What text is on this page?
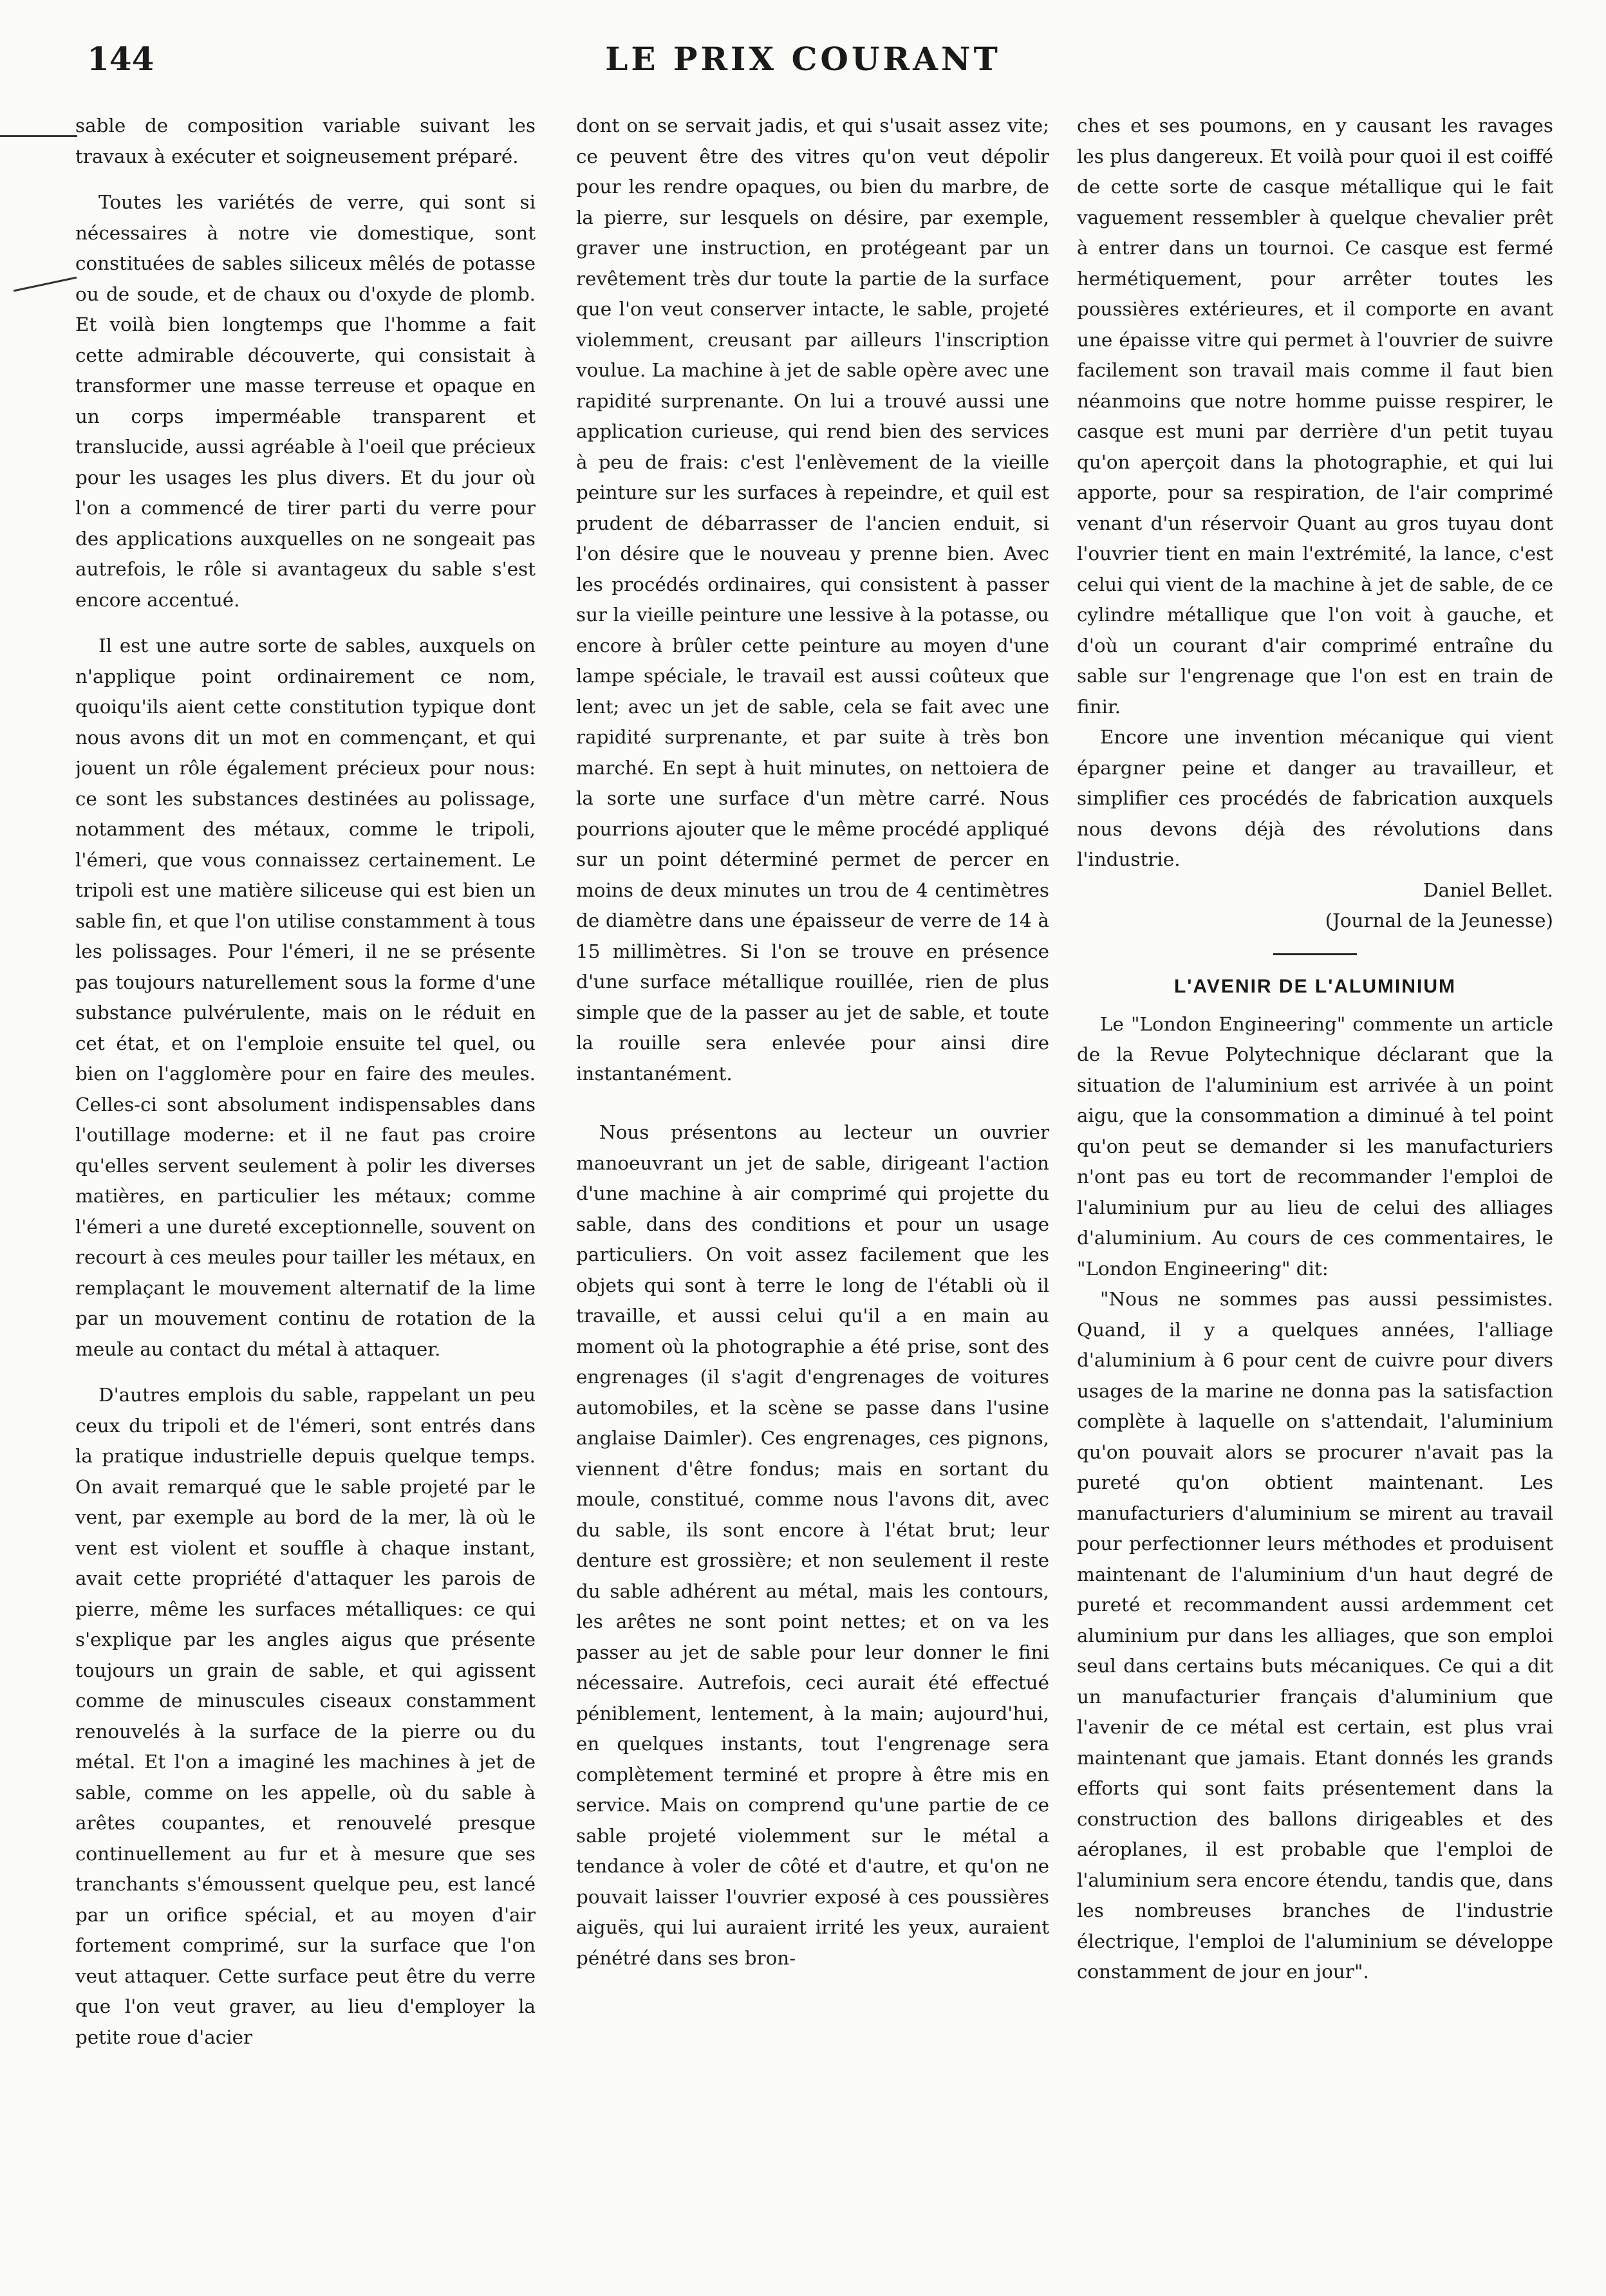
144	LE PRIX COURANT

sable de composition variable suivant les travaux à exécuter et soigneusement préparé.

Toutes les variétés de verre, qui sont si nécessaires à notre vie domestique, sont constituées de sables siliceux mêlés de potasse ou de soude, et de chaux ou d'oxyde de plomb. Et voilà bien longtemps que l'homme a fait cette admirable découverte, qui consistait à transformer une masse terreuse et opaque en un corps imperméable transparent et translucide, aussi agréable à l'oeil que précieux pour les usages les plus divers. Et du jour où l'on a commencé de tirer parti du verre pour des applications auxquelles on ne songeait pas autrefois, le rôle si avantageux du sable s'est encore accentué.

Il est une autre sorte de sables, auxquels on n'applique point ordinairement ce nom, quoiqu'ils aient cette constitution typique dont nous avons dit un mot en commençant, et qui jouent un rôle également précieux pour nous: ce sont les substances destinées au polissage, notamment des métaux, comme le tripoli, l'émeri, que vous connaissez certainement. Le tripoli est une matière siliceuse qui est bien un sable fin, et que l'on utilise constamment à tous les polissages. Pour l'émeri, il ne se présente pas toujours naturellement sous la forme d'une substance pulvérulente, mais on le réduit en cet état, et on l'emploie ensuite tel quel, ou bien on l'agglomère pour en faire des meules. Celles-ci sont absolument indispensables dans l'outillage moderne: et il ne faut pas croire qu'elles servent seulement à polir les diverses matières, en particulier les métaux; comme l'émeri a une dureté exceptionnelle, souvent on recourt à ces meules pour tailler les métaux, en remplaçant le mouvement alternatif de la lime par un mouvement continu de rotation de la meule au contact du métal à attaquer.

D'autres emplois du sable, rappelant un peu ceux du tripoli et de l'émeri, sont entrés dans la pratique industrielle depuis quelque temps. On avait remarqué que le sable projeté par le vent, par exemple au bord de la mer, là où le vent est violent et souffle à chaque instant, avait cette propriété d'attaquer les parois de pierre, même les surfaces métalliques: ce qui s'explique par les angles aigus que présente toujours un grain de sable, et qui agissent comme de minuscules ciseaux constamment renouvelés à la surface de la pierre ou du métal. Et l'on a imaginé les machines à jet de sable, comme on les appelle, où du sable à arêtes coupantes, et renouvelé presque continuellement au fur et à mesure que ses tranchants s'émoussent quelque peu, est lancé par un orifice spécial, et au moyen d'air fortement comprimé, sur la surface que l'on veut attaquer. Cette surface peut être du verre que l'on veut graver, au lieu d'employer la petite roue d'acier

dont on se servait jadis, et qui s'usait assez vite; ce peuvent être des vitres qu'on veut dépolir pour les rendre opaques, ou bien du marbre, de la pierre, sur lesquels on désire, par exemple, graver une instruction, en protégeant par un revêtement très dur toute la partie de la surface que l'on veut conserver intacte, le sable, projeté violemment, creusant par ailleurs l'inscription voulue. La machine à jet de sable opère avec une rapidité surprenante. On lui a trouvé aussi une application curieuse, qui rend bien des services à peu de frais: c'est l'enlèvement de la vieille peinture sur les surfaces à repeindre, et quil est prudent de débarrasser de l'ancien enduit, si l'on désire que le nouveau y prenne bien. Avec les procédés ordinaires, qui consistent à passer sur la vieille peinture une lessive à la potasse, ou encore à brûler cette peinture au moyen d'une lampe spéciale, le travail est aussi coûteux que lent; avec un jet de sable, cela se fait avec une rapidité surprenante, et par suite à très bon marché. En sept à huit minutes, on nettoiera de la sorte une surface d'un mètre carré. Nous pourrions ajouter que le même procédé appliqué sur un point déterminé permet de percer en moins de deux minutes un trou de 4 centimètres de diamètre dans une épaisseur de verre de 14 à 15 millimètres. Si l'on se trouve en présence d'une surface métallique rouillée, rien de plus simple que de la passer au jet de sable, et toute la rouille sera enlevée pour ainsi dire instantanément.

Nous présentons au lecteur un ouvrier manoeuvrant un jet de sable, dirigeant l'action d'une machine à air comprimé qui projette du sable, dans des conditions et pour un usage particuliers. On voit assez facilement que les objets qui sont à terre le long de l'établi où il travaille, et aussi celui qu'il a en main au moment où la photographie a été prise, sont des engrenages (il s'agit d'engrenages de voitures automobiles, et la scène se passe dans l'usine anglaise Daimler). Ces engrenages, ces pignons, viennent d'être fondus; mais en sortant du moule, constitué, comme nous l'avons dit, avec du sable, ils sont encore à l'état brut; leur denture est grossière; et non seulement il reste du sable adhérent au métal, mais les contours, les arêtes ne sont point nettes; et on va les passer au jet de sable pour leur donner le fini nécessaire. Autrefois, ceci aurait été effectué péniblement, lentement, à la main; aujourd'hui, en quelques instants, tout l'engrenage sera complètement terminé et propre à être mis en service. Mais on comprend qu'une partie de ce sable projeté violemment sur le métal a tendance à voler de côté et d'autre, et qu'on ne pouvait laisser l'ouvrier exposé à ces poussières aiguës, qui lui auraient irrité les yeux, auraient pénétré dans ses bron-

ches et ses poumons, en y causant les ravages les plus dangereux. Et voilà pour quoi il est coiffé de cette sorte de casque métallique qui le fait vaguement ressembler à quelque chevalier prêt à entrer dans un tournoi. Ce casque est fermé hermétiquement, pour arrêter toutes les poussières extérieures, et il comporte en avant une épaisse vitre qui permet à l'ouvrier de suivre facilement son travail mais comme il faut bien néanmoins que notre homme puisse respirer, le casque est muni par derrière d'un petit tuyau qu'on aperçoit dans la photographie, et qui lui apporte, pour sa respiration, de l'air comprimé venant d'un réservoir Quant au gros tuyau dont l'ouvrier tient en main l'extrémité, la lance, c'est celui qui vient de la machine à jet de sable, de ce cylindre métallique que l'on voit à gauche, et d'où un courant d'air comprimé entraîne du sable sur l'engrenage que l'on est en train de finir.

Encore une invention mécanique qui vient épargner peine et danger au travailleur, et simplifier ces procédés de fabrication auxquels nous devons déjà des révolutions dans l'industrie.

Daniel Bellet.

(Journal de la Jeunesse)

L'AVENIR DE L'ALUMINIUM

Le "London Engineering" commente un article de la Revue Polytechnique déclarant que la situation de l'aluminium est arrivée à un point aigu, que la consommation a diminué à tel point qu'on peut se demander si les manufacturiers n'ont pas eu tort de recommander l'emploi de l'aluminium pur au lieu de celui des alliages d'aluminium. Au cours de ces commentaires, le "London Engineering" dit:

"Nous ne sommes pas aussi pessimistes. Quand, il y a quelques années, l'alliage d'aluminium à 6 pour cent de cuivre pour divers usages de la marine ne donna pas la satisfaction complète à laquelle on s'attendait, l'aluminium qu'on pouvait alors se procurer n'avait pas la pureté qu'on obtient maintenant. Les manufacturiers d'aluminium se mirent au travail pour perfectionner leurs méthodes et produisent maintenant de l'aluminium d'un haut degré de pureté et recommandent aussi ardemment cet aluminium pur dans les alliages, que son emploi seul dans certains buts mécaniques. Ce qui a dit un manufacturier français d'aluminium que l'avenir de ce métal est certain, est plus vrai maintenant que jamais. Etant donnés les grands efforts qui sont faits présentement dans la construction des ballons dirigeables et des aéroplanes, il est probable que l'emploi de l'aluminium sera encore étendu, tandis que, dans les nombreuses branches de l'industrie électrique, l'emploi de l'aluminium se développe constamment de jour en jour".
